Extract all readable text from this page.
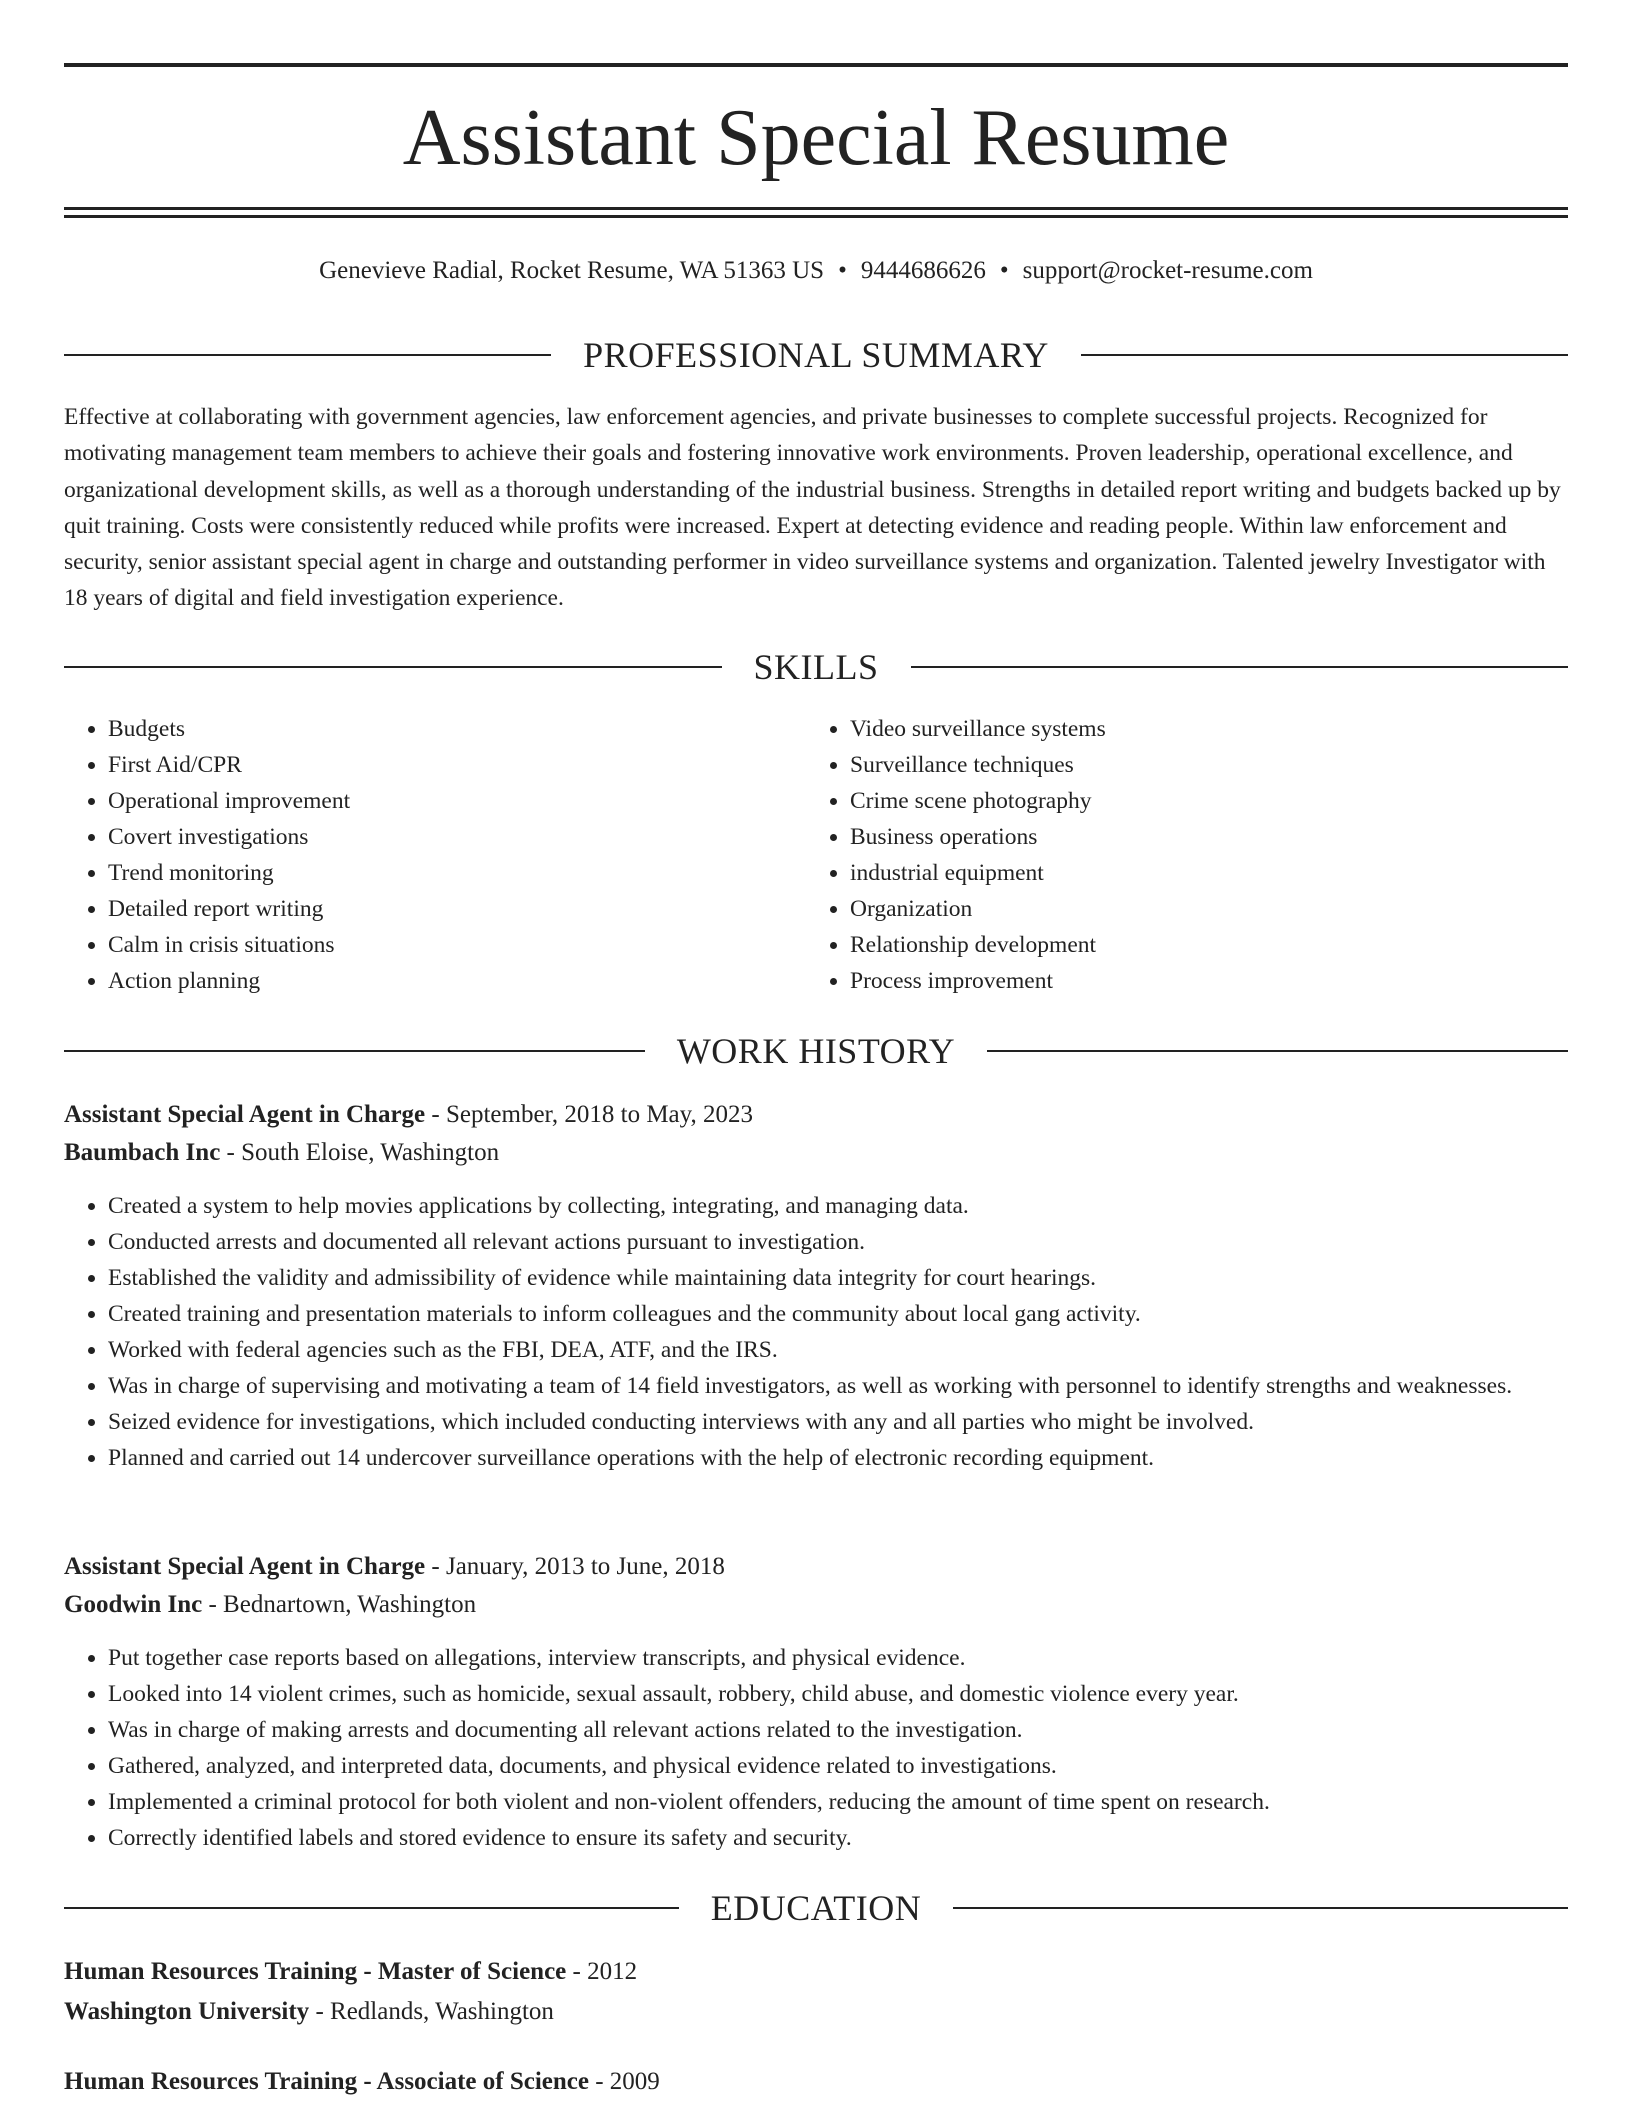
Assistant Special Resume
Genevieve Radial, Rocket Resume, WA 51363 US • 9444686626 • support@rocket-resume.com
PROFESSIONAL SUMMARY

Effective at collaborating with government agencies, law enforcement agencies, and private businesses to complete successful projects. Recognized for motivating management team members to achieve their goals and fostering innovative work environments. Proven leadership, operational excellence, and organizational development skills, as well as a thorough understanding of the industrial business. Strengths in detailed report writing and budgets backed up by quit training. Costs were consistently reduced while profits were increased. Expert at detecting evidence and reading people. Within law enforcement and security, senior assistant special agent in charge and outstanding performer in video surveillance systems and organization. Talented jewelry Investigator with 18 years of digital and field investigation experience.

SKILLS
• Budgets
• First Aid/CPR
• Operational improvement
• Covert investigations
• Trend monitoring
• Detailed report writing
• Calm in crisis situations
• Action planning
• Video surveillance systems
• Surveillance techniques
• Crime scene photography
• Business operations
• industrial equipment
• Organization
• Relationship development
• Process improvement
WORK HISTORY

Assistant Special Agent in Charge - September, 2018 to May, 2023

Baumbach Inc - South Eloise, Washington

• Created a system to help movies applications by collecting, integrating, and managing data.
• Conducted arrests and documented all relevant actions pursuant to investigation.
• Established the validity and admissibility of evidence while maintaining data integrity for court hearings.
• Created training and presentation materials to inform colleagues and the community about local gang activity.
• Worked with federal agencies such as the FBI, DEA, ATF, and the IRS.
• Was in charge of supervising and motivating a team of 14 field investigators, as well as working with personnel to identify strengths and weaknesses.
• Seized evidence for investigations, which included conducting interviews with any and all parties who might be involved.
• Planned and carried out 14 undercover surveillance operations with the help of electronic recording equipment.

Assistant Special Agent in Charge - January, 2013 to June, 2018

Goodwin Inc - Bednartown, Washington

• Put together case reports based on allegations, interview transcripts, and physical evidence.
• Looked into 14 violent crimes, such as homicide, sexual assault, robbery, child abuse, and domestic violence every year.
• Was in charge of making arrests and documenting all relevant actions related to the investigation.
• Gathered, analyzed, and interpreted data, documents, and physical evidence related to investigations.
• Implemented a criminal protocol for both violent and non-violent offenders, reducing the amount of time spent on research.
• Correctly identified labels and stored evidence to ensure its safety and security.
EDUCATION

Human Resources Training - Master of Science - 2012

Washington University - Redlands, Washington

Human Resources Training - Associate of Science - 2009
